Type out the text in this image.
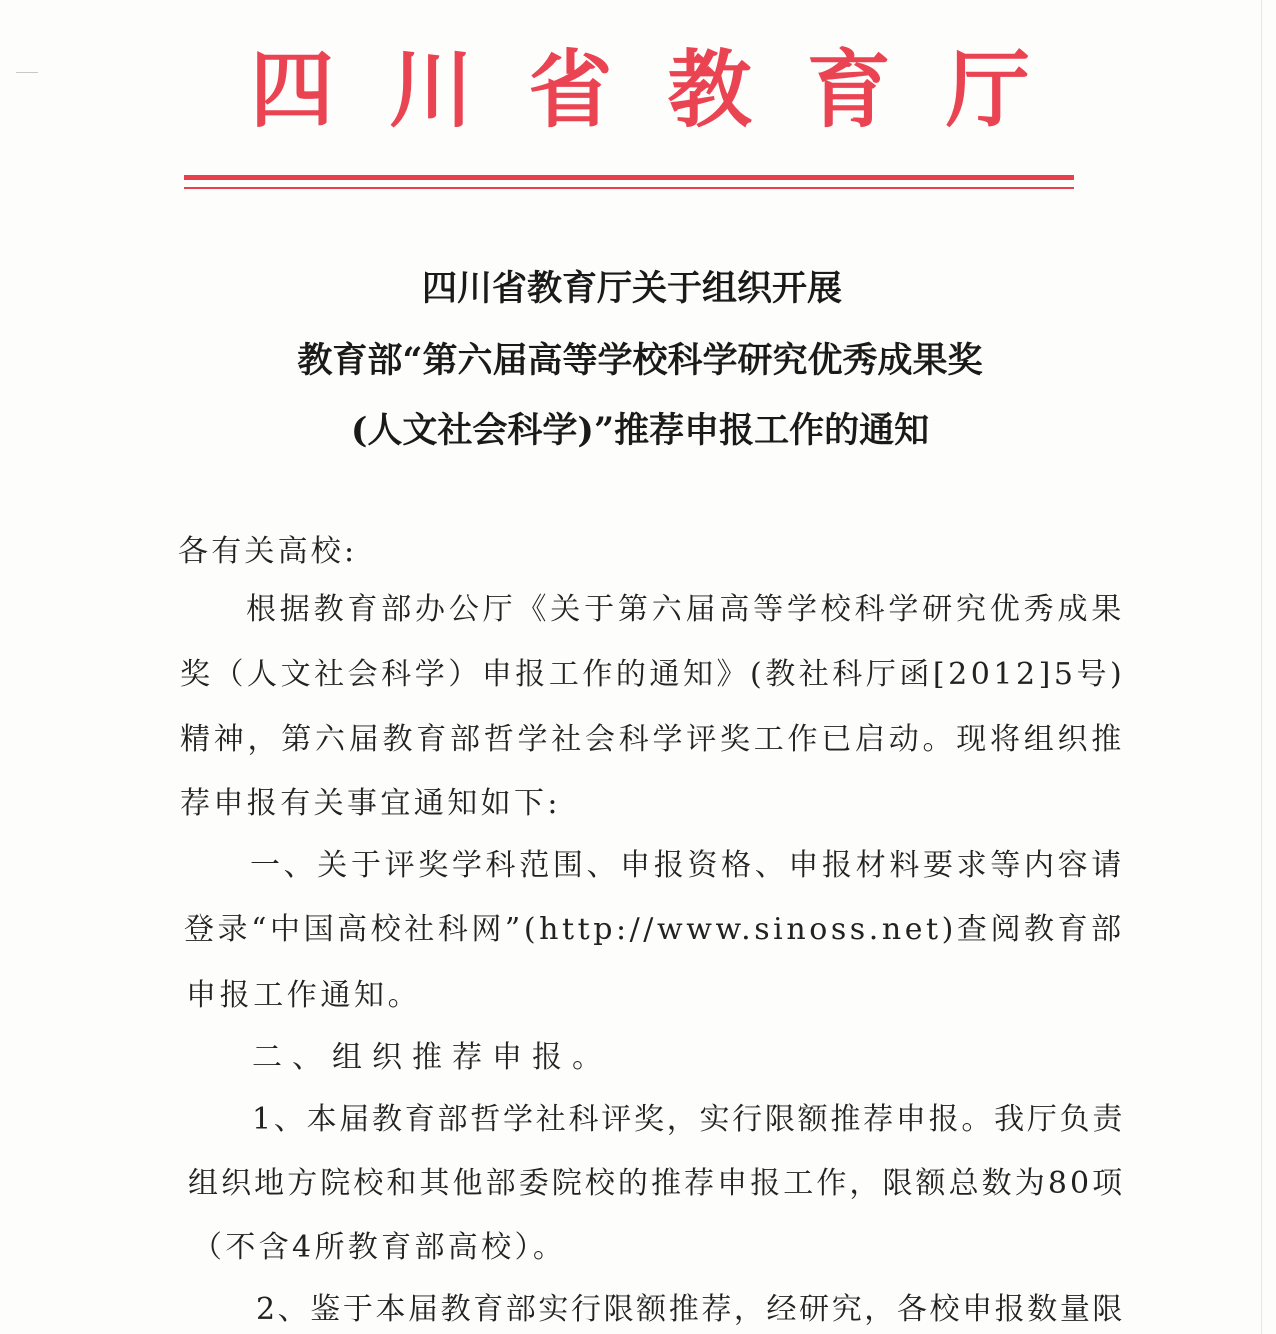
四 川 省 教 育 厅
四川省教育厅关于组织开展
教育部“第六届高等学校科学研究优秀成果奖
(人文社会科学)”推荐申报工作的通知
各有关高校:
根据教育部办公厅《关于第六届高等学校科学研究优秀成果
奖（人文社会科学）申报工作的通知》(教社科厅函[2012]5号)
精神，第六届教育部哲学社会科学评奖工作已启动。现将组织推
荐申报有关事宜通知如下:
一、关于评奖学科范围、申报资格、申报材料要求等内容请
登录“中国高校社科网”(http://www.sinoss.net)查阅教育部
申报工作通知。
二、组织推荐申报。
1、本届教育部哲学社科评奖，实行限额推荐申报。我厅负责
组织地方院校和其他部委院校的推荐申报工作，限额总数为80项
（不含4所教育部高校）。
2、鉴于本届教育部实行限额推荐，经研究，各校申报数量限
